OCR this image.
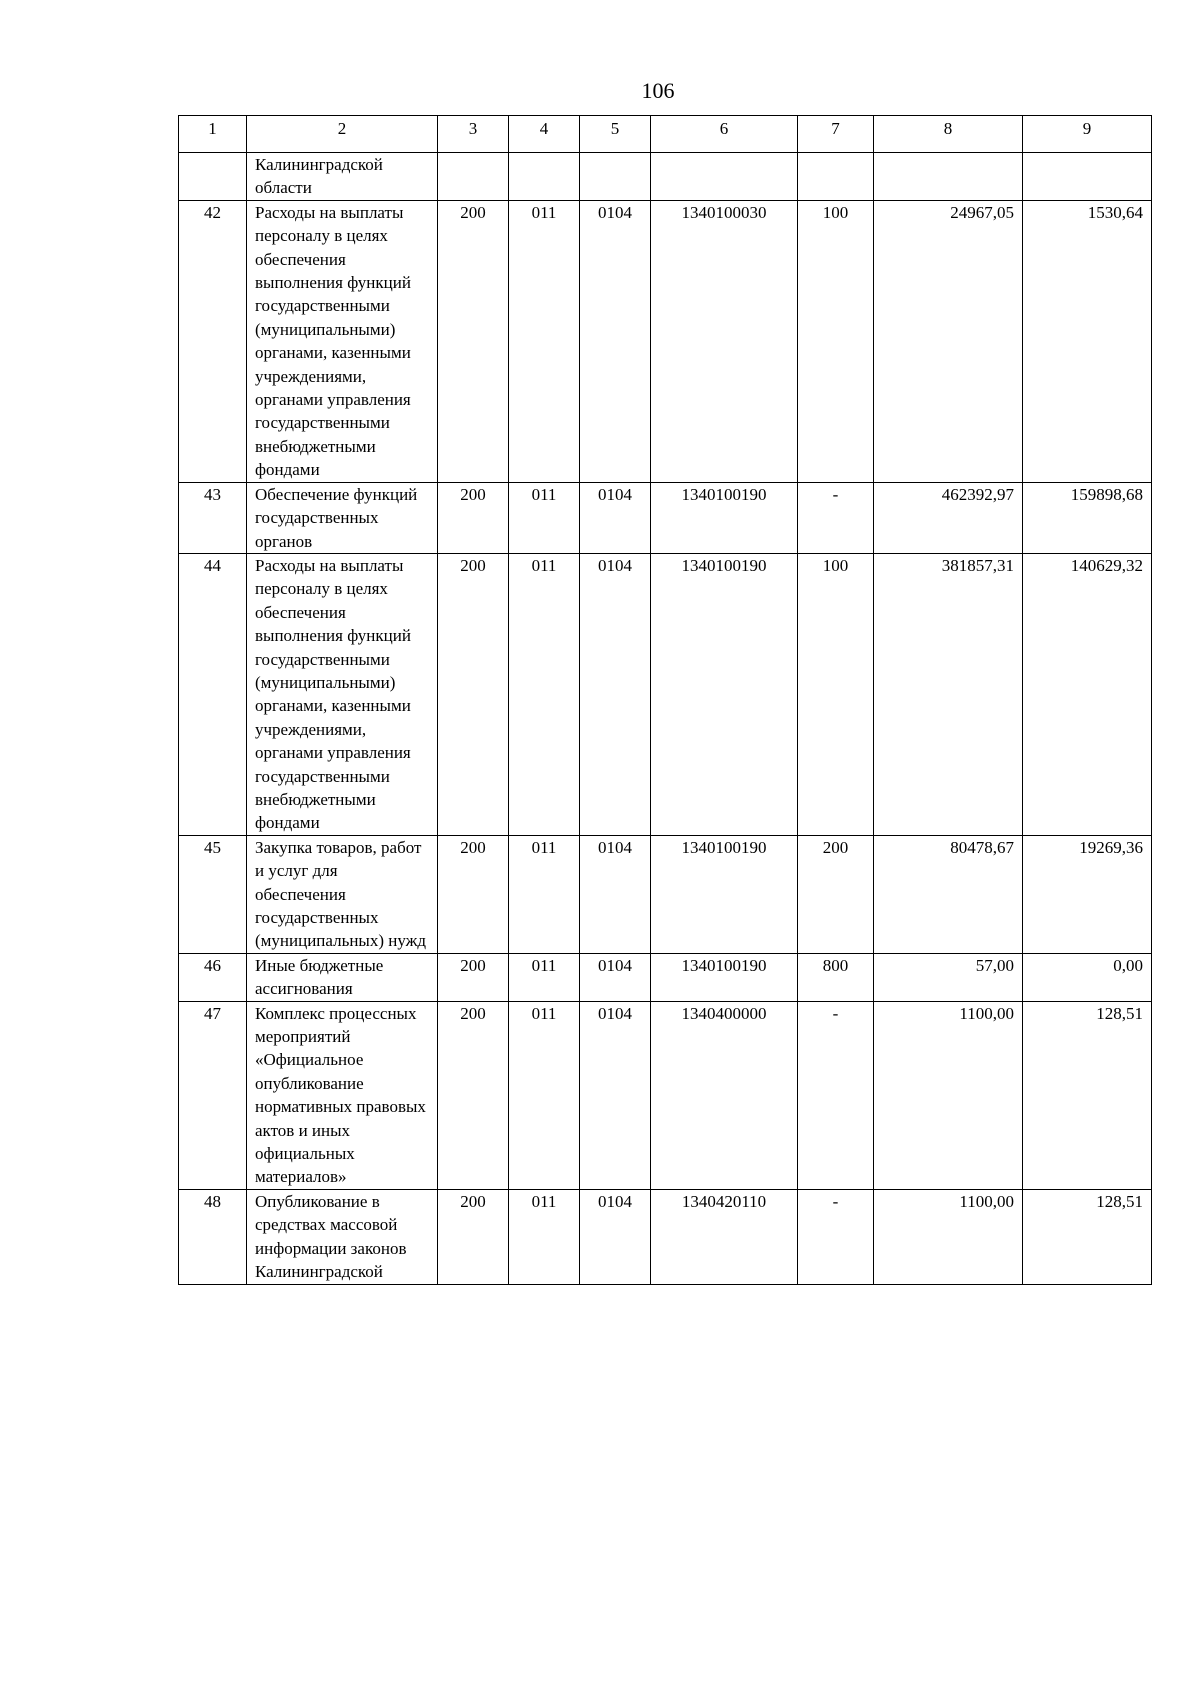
106
1	2	3	4	5	6	7	8	9
	Калининградской области							
42	Расходы на выплаты персоналу в целях обеспечения выполнения функций государственными (муниципальными) органами, казенными учреждениями, органами управления государственными внебюджетными фондами	200	011	0104	1340100030	100	24967,05	1530,64
43	Обеспечение функций государственных органов	200	011	0104	1340100190	-	462392,97	159898,68
44	Расходы на выплаты персоналу в целях обеспечения выполнения функций государственными (муниципальными) органами, казенными учреждениями, органами управления государственными внебюджетными фондами	200	011	0104	1340100190	100	381857,31	140629,32
45	Закупка товаров, работ и услуг для обеспечения государственных (муниципальных) нужд	200	011	0104	1340100190	200	80478,67	19269,36
46	Иные бюджетные ассигнования	200	011	0104	1340100190	800	57,00	0,00
47	Комплекс процессных мероприятий «Официальное опубликование нормативных правовых актов и иных официальных материалов»	200	011	0104	1340400000	-	1100,00	128,51
48	Опубликование в средствах массовой информации законов Калининградской	200	011	0104	1340420110	-	1100,00	128,51
